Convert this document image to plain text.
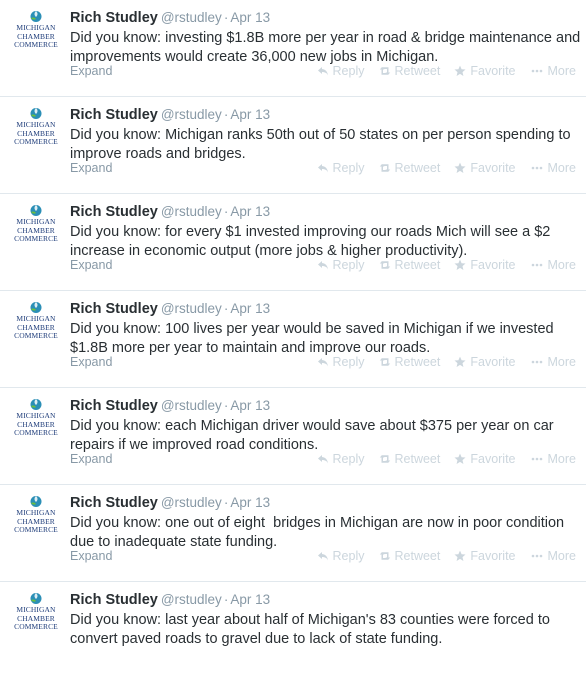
MICHIGAN
CHAMBER
COMMERCE
Rich Studley @rstudley · Apr 13
Did you know: investing $1.8B more per year in road & bridge maintenance and improvements would create 36,000 new jobs in Michigan.
Expand	Reply Retweet Favorite	More
MICHIGAN
CHAMBER
COMMERCE
Rich Studley @rstudley · Apr 13
Did you know: Michigan ranks 50th out of 50 states on per person spending to improve roads and bridges.
Expand	Reply Retweet Favorite	More
MICHIGAN
CHAMBER
COMMERCE
Rich Studley @rstudley · Apr 13
Did you know: for every $1 invested improving our roads Mich will see a $2 increase in economic output (more jobs & higher productivity).
Expand	Reply Retweet Favorite	More
MICHIGAN
CHAMBER
COMMERCE
Rich Studley @rstudley · Apr 13
Did you know: 100 lives per year would be saved in Michigan if we invested $1.8B more per year to maintain and improve our roads.
Expand	Reply Retweet Favorite	More
MICHIGAN
CHAMBER
COMMERCE
Rich Studley @rstudley · Apr 13
Did you know: each Michigan driver would save about $375 per year on car repairs if we improved road conditions.
Expand	Reply Retweet Favorite	More
MICHIGAN
CHAMBER
COMMERCE
Rich Studley @rstudley · Apr 13
Did you know: one out of eight  bridges in Michigan are now in poor condition due to inadequate state funding.
Expand	Reply Retweet Favorite	More
MICHIGAN
CHAMBER
COMMERCE
Rich Studley @rstudley · Apr 13
Did you know: last year about half of Michigan's 83 counties were forced to convert paved roads to gravel due to lack of state funding.
